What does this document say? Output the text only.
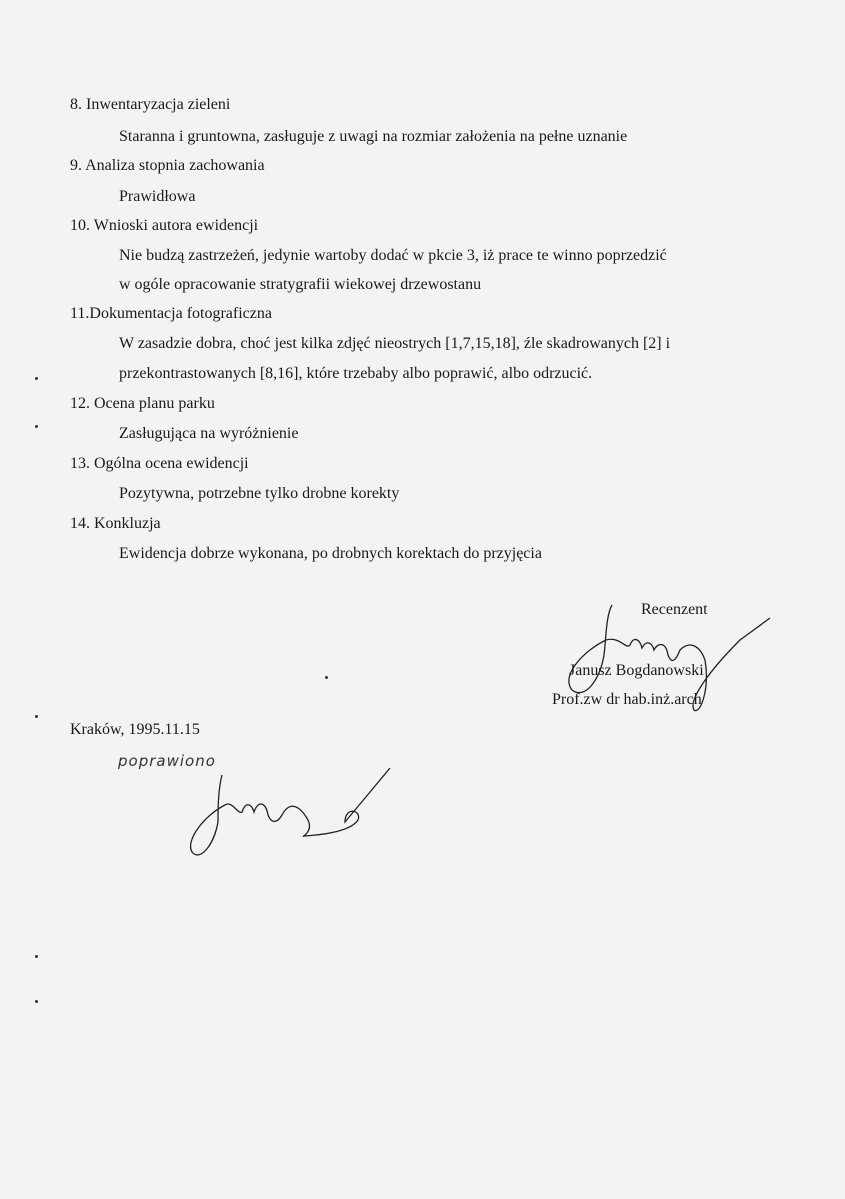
8. Inwentaryzacja zieleni
Staranna i gruntowna, zasługuje z uwagi na rozmiar założenia na pełne uznanie
9. Analiza stopnia zachowania
Prawidłowa
10. Wnioski autora ewidencji
Nie budzą zastrzeżeń, jedynie wartoby dodać w pkcie 3, iż prace te winno poprzedzić
w ogóle opracowanie stratygrafii wiekowej drzewostanu
11.Dokumentacja fotograficzna
W zasadzie dobra, choć jest kilka zdjęć nieostrych [1,7,15,18], źle skadrowanych [2] i
przekontrastowanych [8,16], które trzebaby albo poprawić, albo odrzucić.
12. Ocena planu parku
Zasługująca na wyróżnienie
13. Ogólna ocena ewidencji
Pozytywna, potrzebne tylko drobne korekty
14. Konkluzja
Ewidencja dobrze wykonana, po drobnych korektach do przyjęcia
Recenzent
Janusz Bogdanowski
Prof.zw dr hab.inż.arch
Kraków, 1995.11.15
poprawiono
